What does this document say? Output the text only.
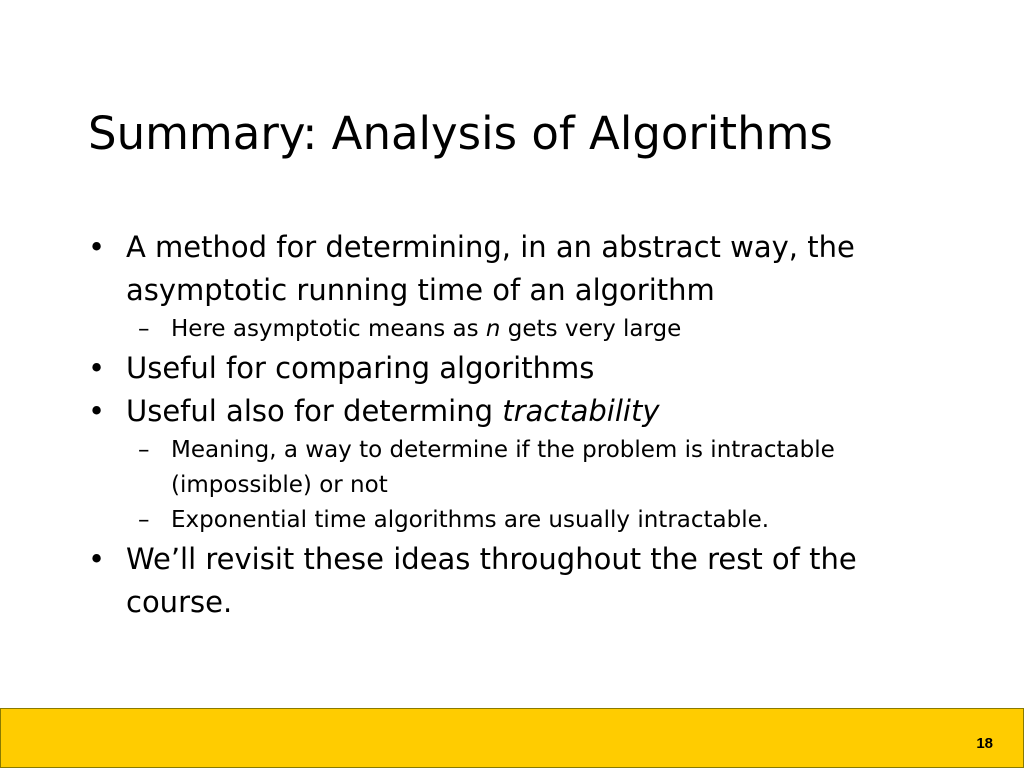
Summary: Analysis of Algorithms
• A method for determining, in an abstract way, the asymptotic running time of an algorithm
– Here asymptotic means as n gets very large
• Useful for comparing algorithms
• Useful also for determing tractability
– Meaning, a way to determine if the problem is intractable (impossible) or not
– Exponential time algorithms are usually intractable.
• We’ll revisit these ideas throughout the rest of the course.
18
